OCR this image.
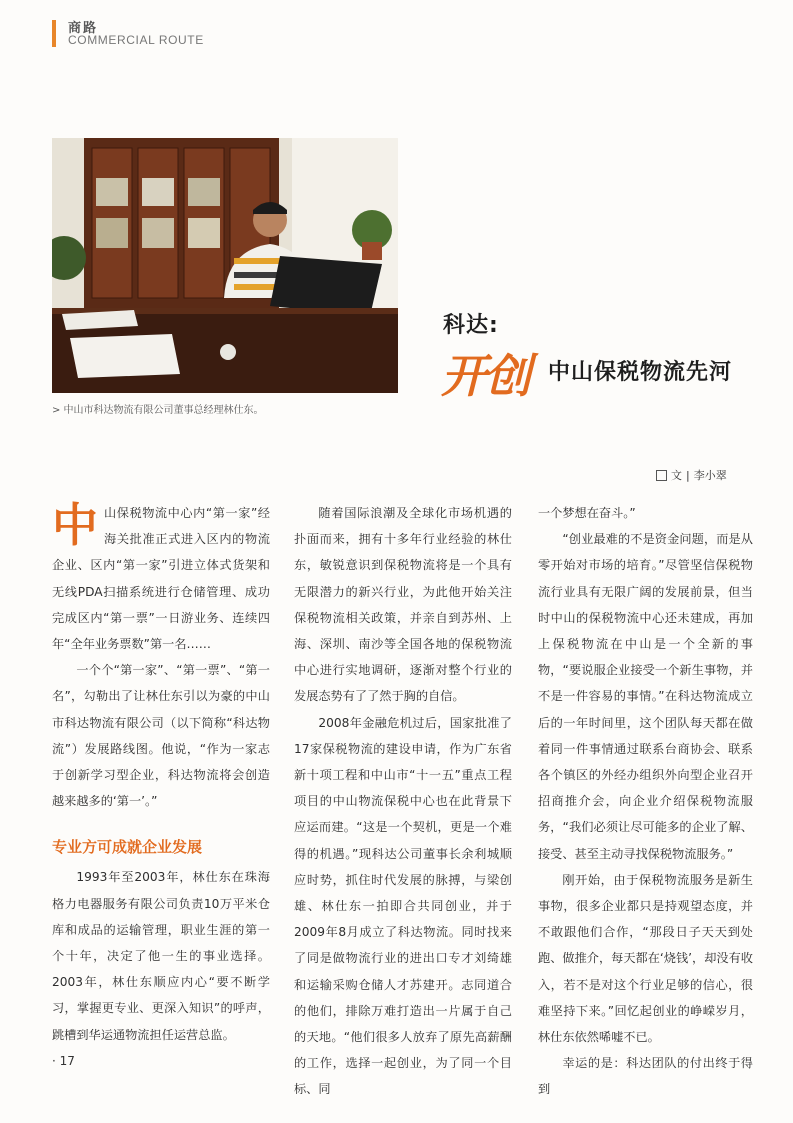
商路
COMMERCIAL ROUTE
> 中山市科达物流有限公司董事总经理林仕东。
科达:
开创 中山保税物流先河
文 | 李小翠

中山保税物流中心内“第一家”经海关批准正式进入区内的物流企业、区内“第一家”引进立体式货架和无线PDA扫描系统进行仓储管理、成功完成区内“第一票”一日游业务、连续四年“全年业务票数”第一名……

一个个“第一家”、“第一票”、“第一名”，勾勒出了让林仕东引以为豪的中山市科达物流有限公司（以下简称“科达物流”）发展路线图。他说，“作为一家志于创新学习型企业，科达物流将会创造越来越多的‘第一’。”

专业方可成就企业发展

1993年至2003年，林仕东在珠海格力电器服务有限公司负责10万平米仓库和成品的运输管理，职业生涯的第一个十年，决定了他一生的事业选择。2003年，林仕东顺应内心“要不断学习，掌握更专业、更深入知识”的呼声，跳槽到华运通物流担任运营总监。

随着国际浪潮及全球化市场机遇的扑面而来，拥有十多年行业经验的林仕东，敏锐意识到保税物流将是一个具有无限潜力的新兴行业，为此他开始关注保税物流相关政策，并亲自到苏州、上海、深圳、南沙等全国各地的保税物流中心进行实地调研，逐渐对整个行业的发展态势有了了然于胸的自信。

2008年金融危机过后，国家批准了17家保税物流的建设申请，作为广东省新十项工程和中山市“十一五”重点工程项目的中山物流保税中心也在此背景下应运而建。“这是一个契机，更是一个难得的机遇。”现科达公司董事长余利城顺应时势，抓住时代发展的脉搏，与梁创雄、林仕东一拍即合共同创业，并于2009年8月成立了科达物流。同时找来了同是做物流行业的进出口专才刘绮雄和运输采购仓储人才苏建开。志同道合的他们，排除万难打造出一片属于自己的天地。“他们很多人放弃了原先高薪酬的工作，选择一起创业，为了同一个目标、同

一个梦想在奋斗。”

“创业最难的不是资金问题，而是从零开始对市场的培育。”尽管坚信保税物流行业具有无限广阔的发展前景，但当时中山的保税物流中心还未建成，再加上保税物流在中山是一个全新的事物，“要说服企业接受一个新生事物，并不是一件容易的事情。”在科达物流成立后的一年时间里，这个团队每天都在做着同一件事情通过联系台商协会、联系各个镇区的外经办组织外向型企业召开招商推介会，向企业介绍保税物流服务，“我们必须让尽可能多的企业了解、接受、甚至主动寻找保税物流服务。”

刚开始，由于保税物流服务是新生事物，很多企业都只是持观望态度，并不敢跟他们合作，“那段日子天天到处跑、做推介，每天都在‘烧钱’，却没有收入，若不是对这个行业足够的信心，很难坚持下来。”回忆起创业的峥嵘岁月，林仕东依然唏嘘不已。

幸运的是：科达团队的付出终于得到

· 17
